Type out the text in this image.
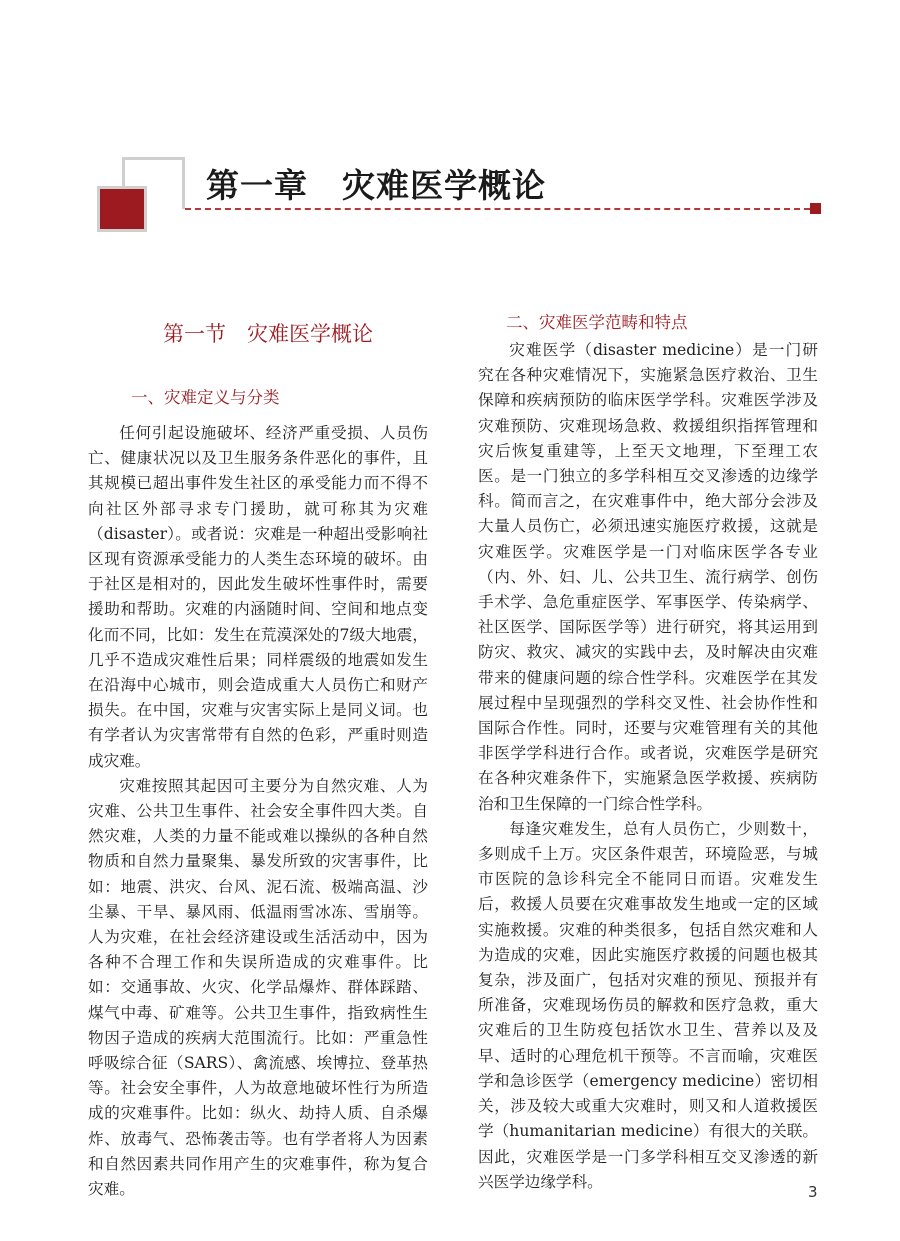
第一章　灾难医学概论
第一节　灾难医学概论
一、灾难定义与分类
二、灾难医学范畴和特点

任何引起设施破坏、经济严重受损、人员伤亡、健康状况以及卫生服务条件恶化的事件，且其规模已超出事件发生社区的承受能力而不得不向社区外部寻求专门援助，就可称其为灾难（disaster）。或者说：灾难是一种超出受影响社区现有资源承受能力的人类生态环境的破坏。由于社区是相对的，因此发生破坏性事件时，需要援助和帮助。灾难的内涵随时间、空间和地点变化而不同，比如：发生在荒漠深处的7级大地震，几乎不造成灾难性后果；同样震级的地震如发生在沿海中心城市，则会造成重大人员伤亡和财产损失。在中国，灾难与灾害实际上是同义词。也有学者认为灾害常带有自然的色彩，严重时则造成灾难。

灾难按照其起因可主要分为自然灾难、人为灾难、公共卫生事件、社会安全事件四大类。自然灾难，人类的力量不能或难以操纵的各种自然物质和自然力量聚集、暴发所致的灾害事件，比如：地震、洪灾、台风、泥石流、极端高温、沙尘暴、干旱、暴风雨、低温雨雪冰冻、雪崩等。人为灾难，在社会经济建设或生活活动中，因为各种不合理工作和失误所造成的灾难事件。比如：交通事故、火灾、化学品爆炸、群体踩踏、煤气中毒、矿难等。公共卫生事件，指致病性生物因子造成的疾病大范围流行。比如：严重急性呼吸综合征（SARS）、禽流感、埃博拉、登革热等。社会安全事件，人为故意地破坏性行为所造成的灾难事件。比如：纵火、劫持人质、自杀爆炸、放毒气、恐怖袭击等。也有学者将人为因素和自然因素共同作用产生的灾难事件，称为复合灾难。

灾难医学（disaster medicine）是一门研究在各种灾难情况下，实施紧急医疗救治、卫生保障和疾病预防的临床医学学科。灾难医学涉及灾难预防、灾难现场急救、救援组织指挥管理和灾后恢复重建等，上至天文地理，下至理工农医。是一门独立的多学科相互交叉渗透的边缘学科。简而言之，在灾难事件中，绝大部分会涉及大量人员伤亡，必须迅速实施医疗救援，这就是灾难医学。灾难医学是一门对临床医学各专业（内、外、妇、儿、公共卫生、流行病学、创伤手术学、急危重症医学、军事医学、传染病学、社区医学、国际医学等）进行研究，将其运用到防灾、救灾、减灾的实践中去，及时解决由灾难带来的健康问题的综合性学科。灾难医学在其发展过程中呈现强烈的学科交叉性、社会协作性和国际合作性。同时，还要与灾难管理有关的其他非医学学科进行合作。或者说，灾难医学是研究在各种灾难条件下，实施紧急医学救援、疾病防治和卫生保障的一门综合性学科。

每逢灾难发生，总有人员伤亡，少则数十，多则成千上万。灾区条件艰苦，环境险恶，与城市医院的急诊科完全不能同日而语。灾难发生后，救援人员要在灾难事故发生地或一定的区域实施救援。灾难的种类很多，包括自然灾难和人为造成的灾难，因此实施医疗救援的问题也极其复杂，涉及面广，包括对灾难的预见、预报并有所准备，灾难现场伤员的解救和医疗急救，重大灾难后的卫生防疫包括饮水卫生、营养以及及早、适时的心理危机干预等。不言而喻，灾难医学和急诊医学（emergency medicine）密切相关，涉及较大或重大灾难时，则又和人道救援医学（humanitarian medicine）有很大的关联。因此，灾难医学是一门多学科相互交叉渗透的新兴医学边缘学科。

3
